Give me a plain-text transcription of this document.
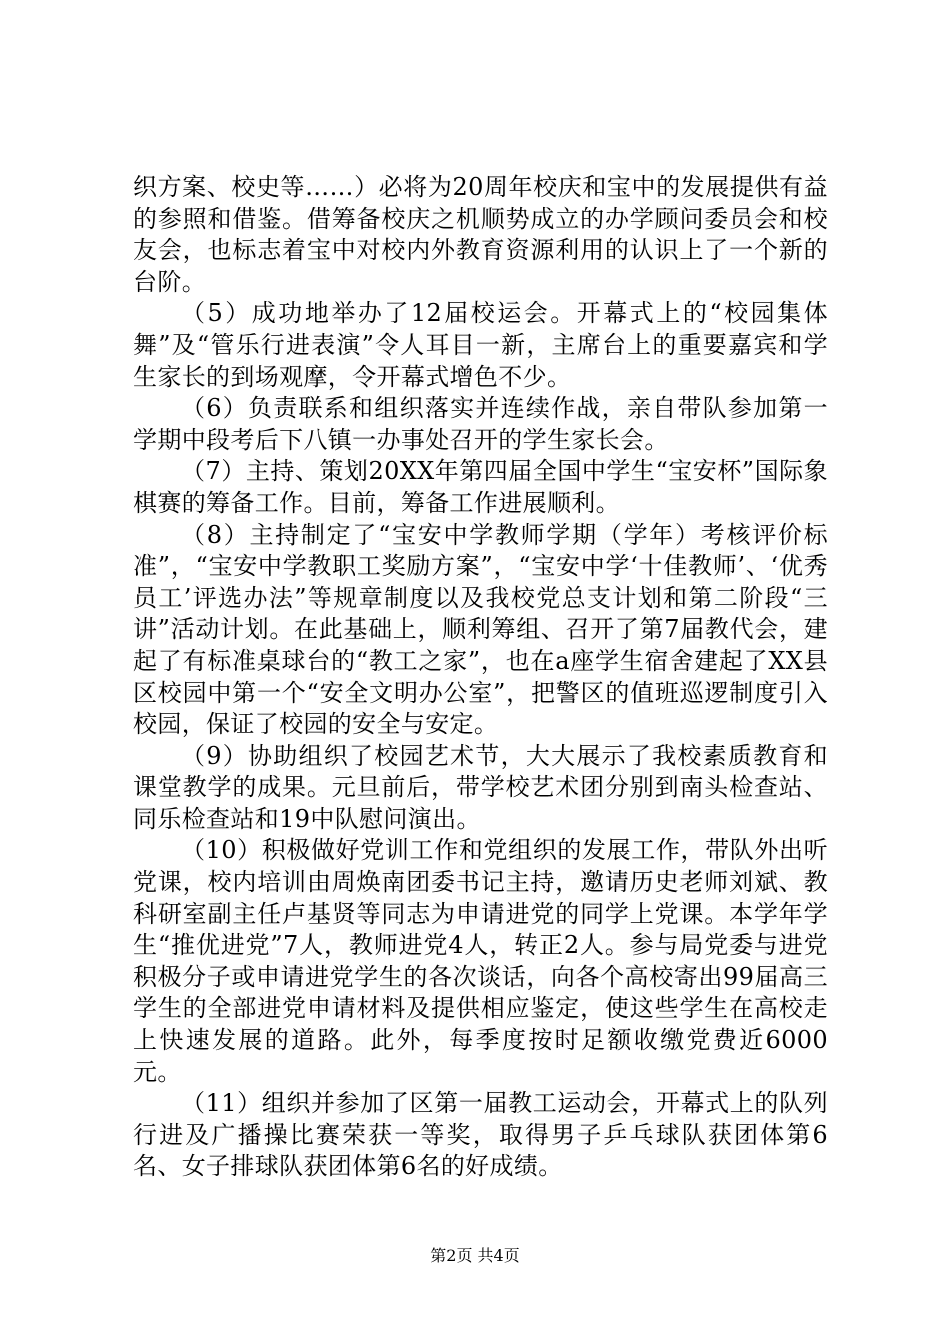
织方案、校史等……）必将为20周年校庆和宝中的发展提供有益的参照和借鉴。借筹备校庆之机顺势成立的办学顾问委员会和校友会，也标志着宝中对校内外教育资源利用的认识上了一个新的台阶。

（5）成功地举办了12届校运会。开幕式上的“校园集体舞”及“管乐行进表演”令人耳目一新，主席台上的重要嘉宾和学生家长的到场观摩，令开幕式增色不少。

（6）负责联系和组织落实并连续作战，亲自带队参加第一学期中段考后下八镇一办事处召开的学生家长会。

（7）主持、策划20XX年第四届全国中学生“宝安杯”国际象棋赛的筹备工作。目前，筹备工作进展顺利。

（8）主持制定了“宝安中学教师学期（学年）考核评价标准”，“宝安中学教职工奖励方案”，“宝安中学‘十佳教师’、‘优秀员工’评选办法”等规章制度以及我校党总支计划和第二阶段“三讲”活动计划。在此基础上，顺利筹组、召开了第7届教代会，建起了有标准桌球台的“教工之家”，也在a座学生宿舍建起了XX县区校园中第一个“安全文明办公室”，把警区的值班巡逻制度引入校园，保证了校园的安全与安定。

（9）协助组织了校园艺术节，大大展示了我校素质教育和课堂教学的成果。元旦前后，带学校艺术团分别到南头检查站、同乐检查站和19中队慰问演出。

（10）积极做好党训工作和党组织的发展工作，带队外出听党课，校内培训由周焕南团委书记主持，邀请历史老师刘斌、教科研室副主任卢基贤等同志为申请进党的同学上党课。本学年学生“推优进党”7人，教师进党4人，转正2人。参与局党委与进党积极分子或申请进党学生的各次谈话，向各个高校寄出99届高三学生的全部进党申请材料及提供相应鉴定，使这些学生在高校走上快速发展的道路。此外，每季度按时足额收缴党费近6000元。

（11）组织并参加了区第一届教工运动会，开幕式上的队列行进及广播操比赛荣获一等奖，取得男子乒乓球队获团体第6名、女子排球队获团体第6名的好成绩。

第2页 共4页
